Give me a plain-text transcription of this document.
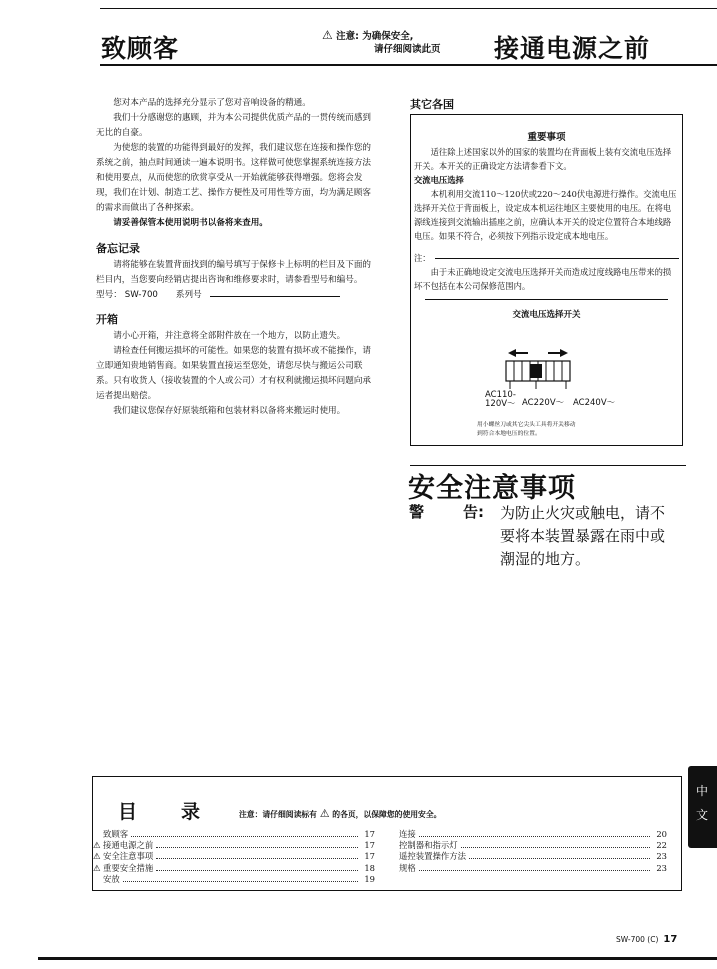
致顾客	⚠ 注意: 为确保安全,
请仔细阅读此页 接通电源之前

您对本产品的选择充分显示了您对音响设备的精通。

我们十分感谢您的惠顾，并为本公司提供优质产品的一贯传统而感到无比的自豪。

为使您的装置的功能得到最好的发挥，我们建议您在连接和操作您的系统之前，抽点时间通读一遍本说明书。这样做可使您掌握系统连接方法和使用要点，从而使您的欣赏享受从一开始就能够获得增强。您将会发现，我们在计划、制造工艺、操作方便性及可用性等方面，均为满足顾客的需求而做出了各种探索。

请妥善保管本使用说明书以备将来查用。

备忘记录

请将能够在装置背面找到的编号填写于保修卡上标明的栏目及下面的栏目内，当您要向经销店提出咨询和维修要求时，请参看型号和编号。

型号： SW-700 系列号

开箱

请小心开箱，并注意将全部附件放在一个地方，以防止遗失。

请检查任何搬运损坏的可能性。如果您的装置有损坏或不能操作，请立即通知贵地销售商。如果装置直接运至您处，请您尽快与搬运公司联系。只有收货人（接收装置的个人或公司）才有权利就搬运损坏问题向承运者提出赔偿。

我们建议您保存好原装纸箱和包装材料以备将来搬运时使用。

其它各国
重要事项

适往除上述国家以外的国家的装置均在背面板上装有交流电压选择开关。本开关的正确设定方法请参看下文。

交流电压选择

本机利用交流110～120伏或220～240伏电源进行操作。交流电压选择开关位于背面板上，设定成本机运往地区主要使用的电压。在将电源线连接到交流输出插座之前，应确认本开关的设定位置符合本地线路电压。如果不符合，必须按下列指示设定成本地电压。

注：

由于未正确地设定交流电压选择开关而造成过度线路电压带来的损坏不包括在本公司保修范围内。

交流电压选择开关
AC110-
120V～ AC220V～ AC240V～
用小螺丝刀或其它尖头工具将开关移动
到符合本地电压的位置。
安全注意事项
警	告: 为防止火灾或触电，请不
要将本装置暴露在雨中或
潮湿的地方。
目 录	注意：请仔细阅读标有 ⚠ 的各页，以保障您的使用安全。
致顾客	17
⚠ 接通电源之前	17
⚠ 安全注意事项	17
⚠ 重要安全措施	18
安放	19
连接	20
控制器和指示灯	22
遥控装置操作方法	23
规格	23
中
文
SW-700 (C) 17
